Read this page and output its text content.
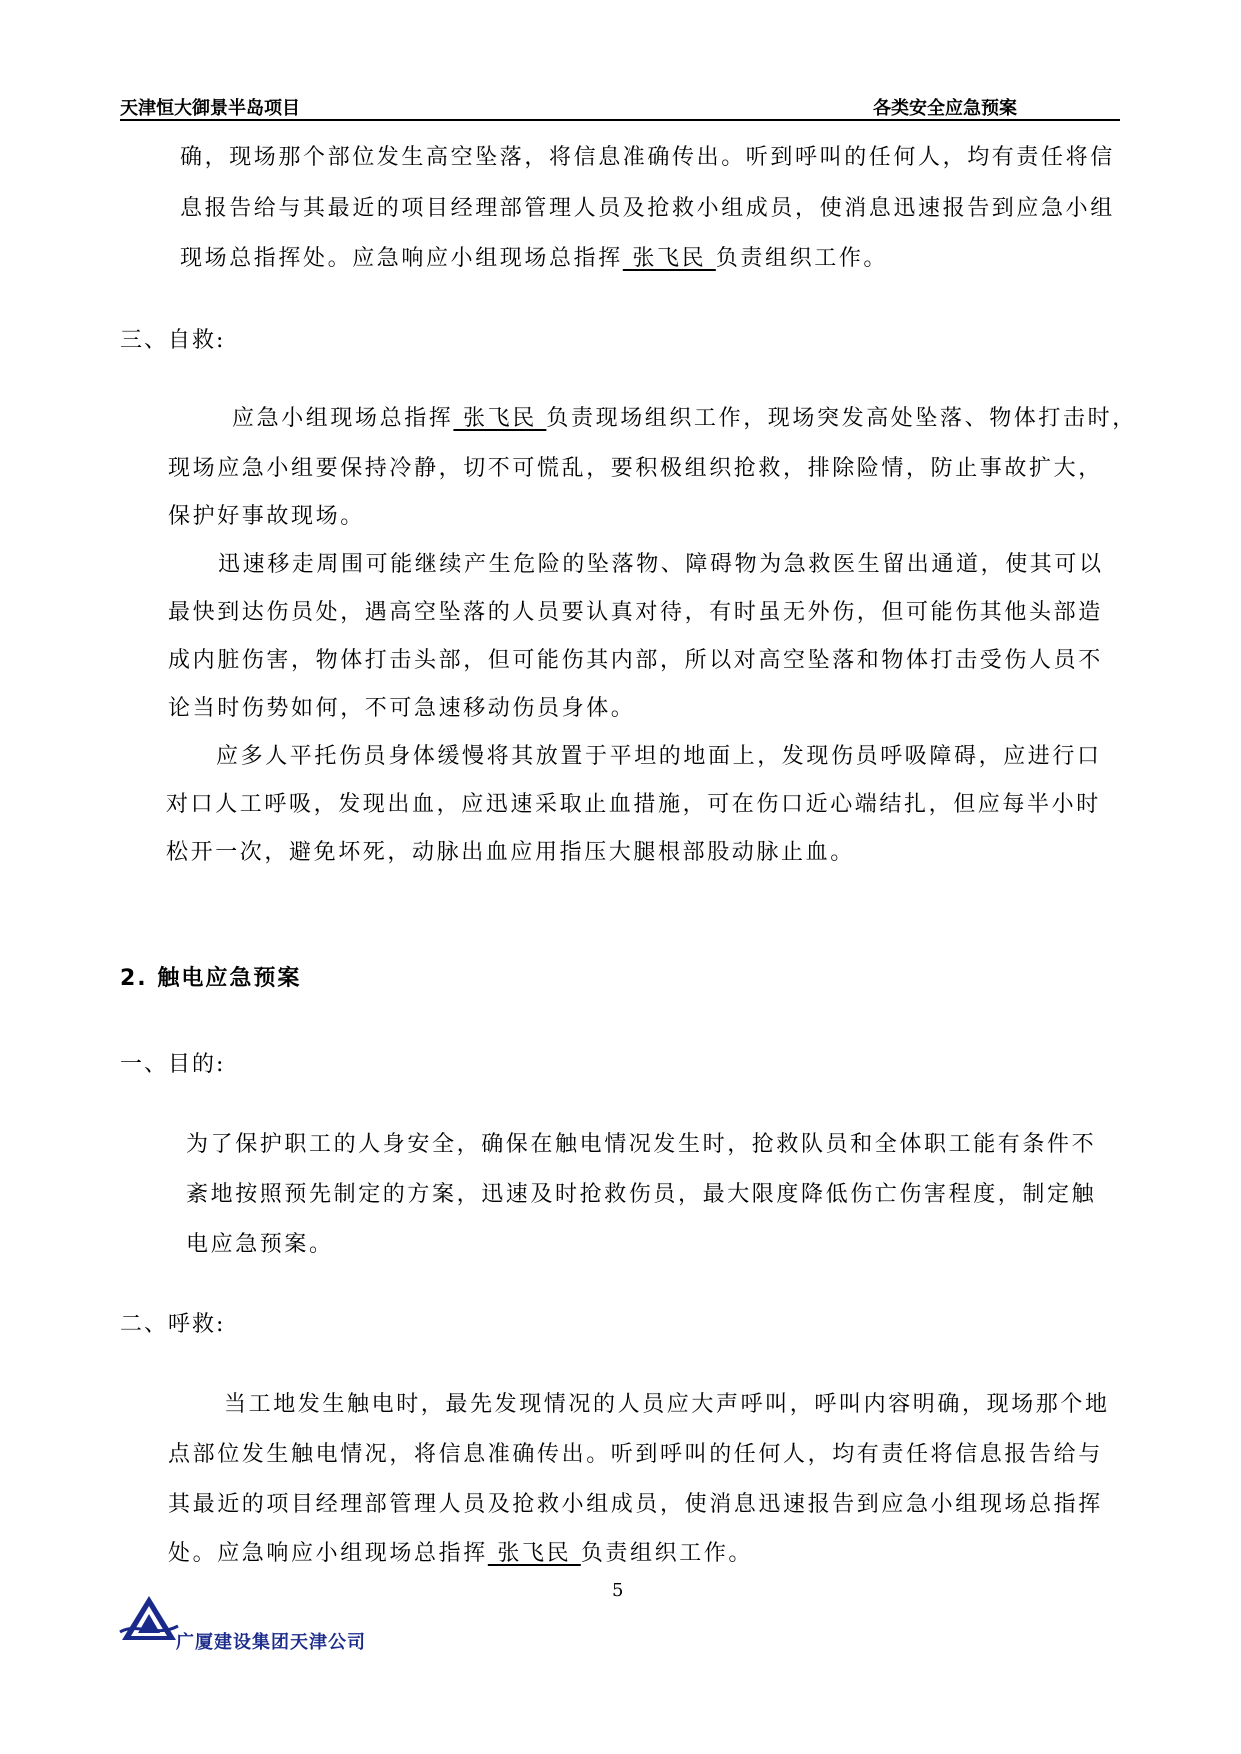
天津恒大御景半岛项目	各类安全应急预案
确，现场那个部位发生高空坠落，将信息准确传出。听到呼叫的任何人，均有责任将信
息报告给与其最近的项目经理部管理人员及抢救小组成员，使消息迅速报告到应急小组
现场总指挥处。应急响应小组现场总指挥 张飞民 负责组织工作。
三、自救:
应急小组现场总指挥 张飞民 负责现场组织工作，现场突发高处坠落、物体打击时，
现场应急小组要保持冷静，切不可慌乱，要积极组织抢救，排除险情，防止事故扩大，
保护好事故现场。
迅速移走周围可能继续产生危险的坠落物、障碍物为急救医生留出通道，使其可以
最快到达伤员处，遇高空坠落的人员要认真对待，有时虽无外伤，但可能伤其他头部造
成内脏伤害，物体打击头部，但可能伤其内部，所以对高空坠落和物体打击受伤人员不
论当时伤势如何，不可急速移动伤员身体。
应多人平托伤员身体缓慢将其放置于平坦的地面上，发现伤员呼吸障碍，应进行口
对口人工呼吸，发现出血，应迅速采取止血措施，可在伤口近心端结扎，但应每半小时
松开一次，避免坏死，动脉出血应用指压大腿根部股动脉止血。
2. 触电应急预案
一、目的:
为了保护职工的人身安全，确保在触电情况发生时，抢救队员和全体职工能有条件不
紊地按照预先制定的方案，迅速及时抢救伤员，最大限度降低伤亡伤害程度，制定触
电应急预案。
二、呼救:
当工地发生触电时，最先发现情况的人员应大声呼叫，呼叫内容明确，现场那个地
点部位发生触电情况，将信息准确传出。听到呼叫的任何人，均有责任将信息报告给与
其最近的项目经理部管理人员及抢救小组成员，使消息迅速报告到应急小组现场总指挥
处。应急响应小组现场总指挥 张飞民 负责组织工作。
5
广厦建设集团天津公司
